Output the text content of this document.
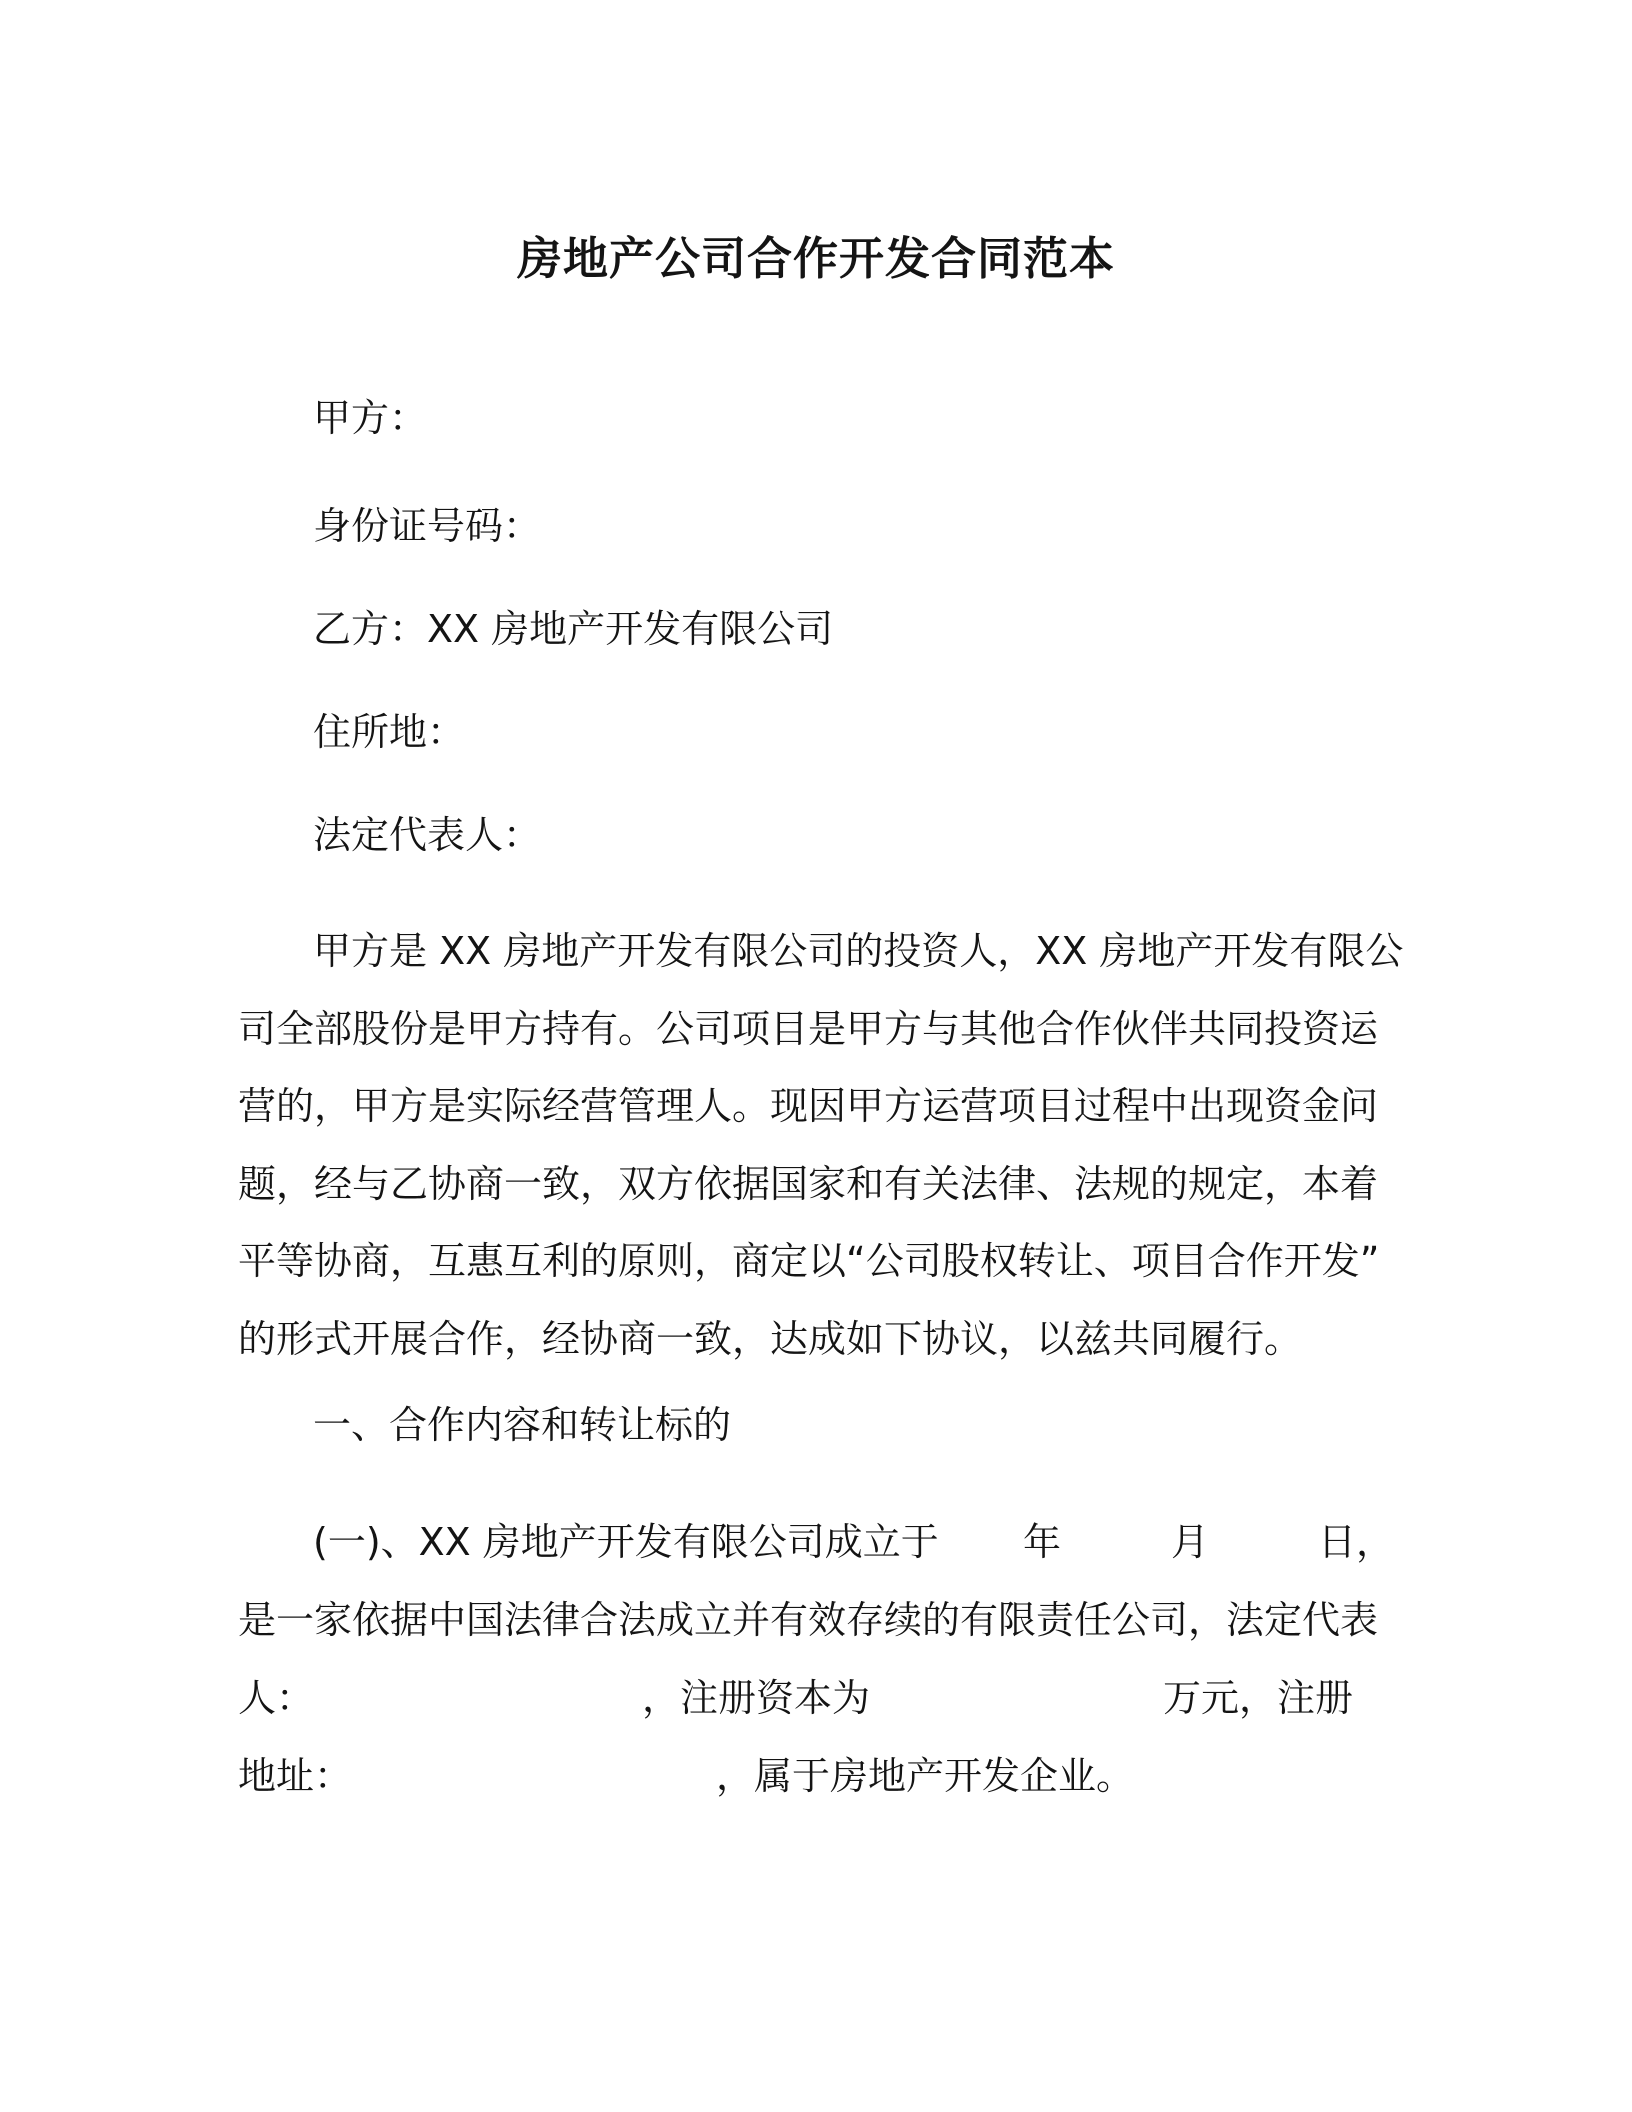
房地产公司合作开发合同范本
甲方：
身份证号码：
乙方：XX 房地产开发有限公司
住所地：
法定代表人：
甲方是 XX 房地产开发有限公司的投资人，XX 房地产开发有限公
司全部股份是甲方持有。公司项目是甲方与其他合作伙伴共同投资运
营的，甲方是实际经营管理人。现因甲方运营项目过程中出现资金问
题，经与乙协商一致，双方依据国家和有关法律、法规的规定，本着
平等协商，互惠互利的原则，商定以“公司股权转让、项目合作开发”
的形式开展合作，经协商一致，达成如下协议，以兹共同履行。
一、合作内容和转让标的
(一)、XX 房地产开发有限公司成立于 年	月	日，
是一家依据中国法律合法成立并有效存续的有限责任公司，法定代表
人：	，注册资本为	万元，注册
地址：	，属于房地产开发企业。
